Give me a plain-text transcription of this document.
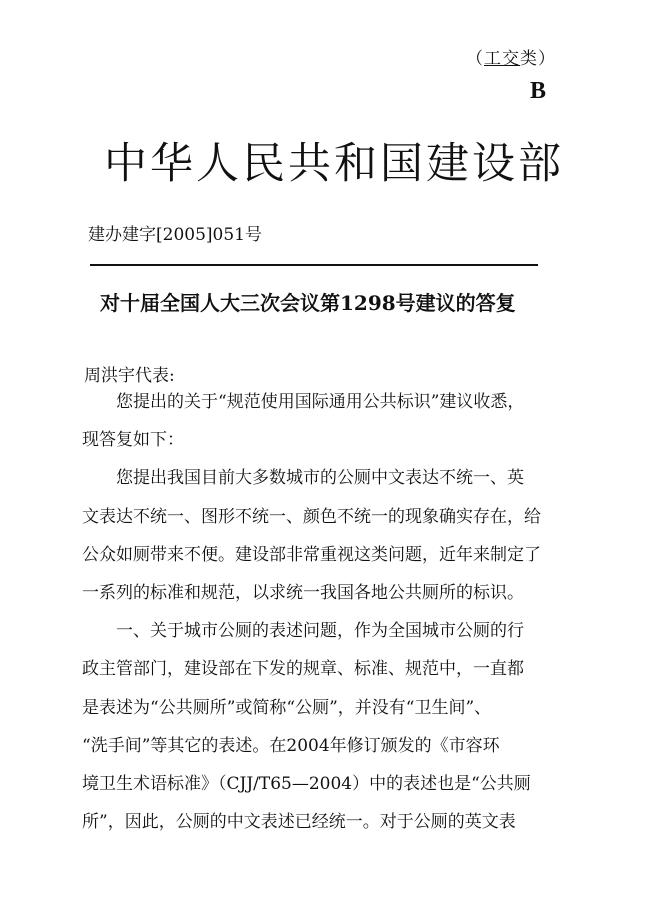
（工交类）
B
中华人民共和国建设部
建办建字[2005]051号
对十届全国人大三次会议第1298号建议的答复
周洪宇代表:

您提出的关于“规范使用国际通用公共标识”建议收悉，
现答复如下：

您提出我国目前大多数城市的公厕中文表达不统一、英
文表达不统一、图形不统一、颜色不统一的现象确实存在，给
公众如厕带来不便。建设部非常重视这类问题，近年来制定了
一系列的标准和规范，以求统一我国各地公共厕所的标识。

一、关于城市公厕的表述问题，作为全国城市公厕的行
政主管部门，建设部在下发的规章、标准、规范中，一直都
是表述为“公共厕所”或简称“公厕”，并没有“卫生间”、
“洗手间”等其它的表述。在2004年修订颁发的《市容环
境卫生术语标准》（CJJ/T65—2004）中的表述也是“公共厕
所”，因此，公厕的中文表述已经统一。对于公厕的英文表
